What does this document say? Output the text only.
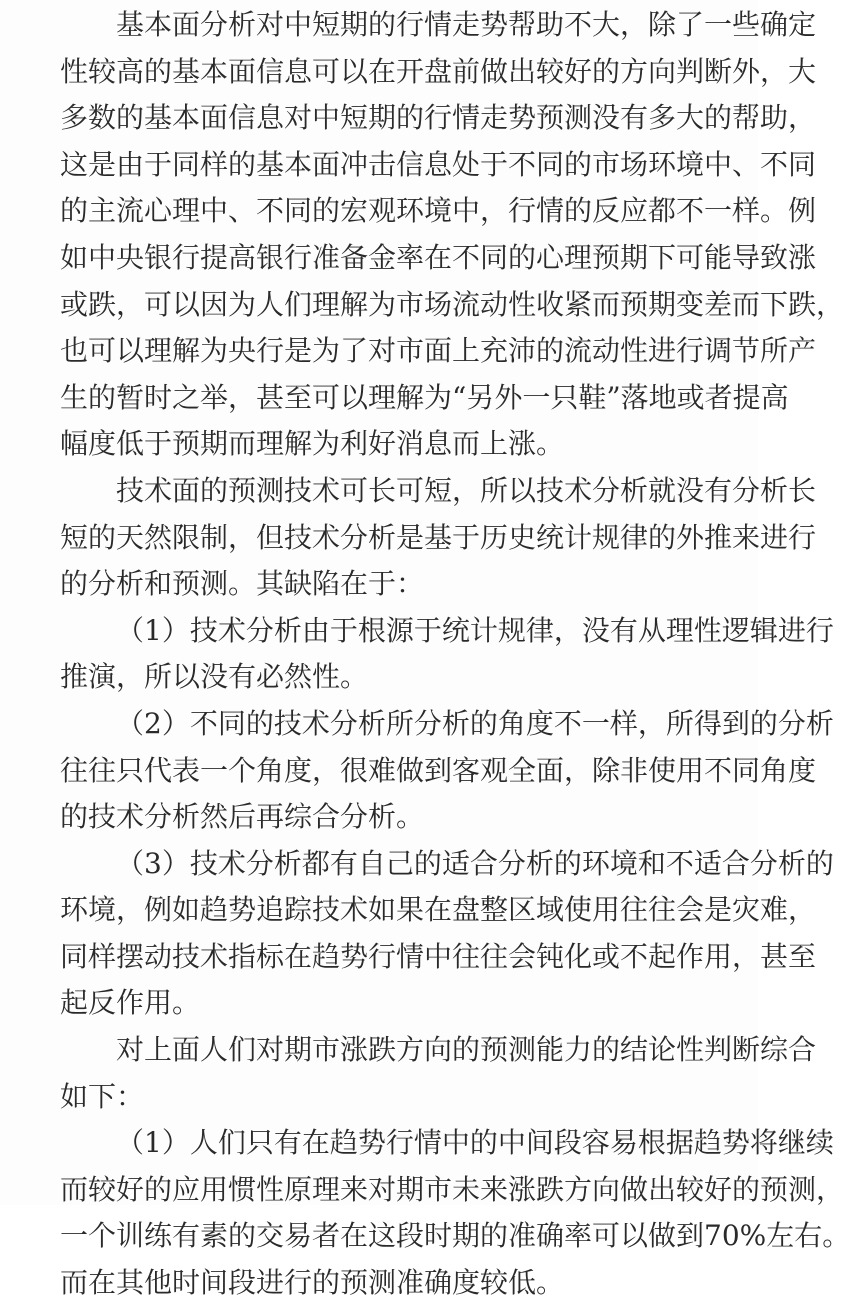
基本面分析对中短期的行情走势帮助不大，除了一些确定
性较高的基本面信息可以在开盘前做出较好的方向判断外，大
多数的基本面信息对中短期的行情走势预测没有多大的帮助，
这是由于同样的基本面冲击信息处于不同的市场环境中、不同
的主流心理中、不同的宏观环境中，行情的反应都不一样。例
如中央银行提高银行准备金率在不同的心理预期下可能导致涨
或跌，可以因为人们理解为市场流动性收紧而预期变差而下跌，
也可以理解为央行是为了对市面上充沛的流动性进行调节所产
生的暂时之举，甚至可以理解为“另外一只鞋”落地或者提高
幅度低于预期而理解为利好消息而上涨。
技术面的预测技术可长可短，所以技术分析就没有分析长
短的天然限制，但技术分析是基于历史统计规律的外推来进行
的分析和预测。其缺陷在于：
（1）技术分析由于根源于统计规律，没有从理性逻辑进行
推演，所以没有必然性。
（2）不同的技术分析所分析的角度不一样，所得到的分析
往往只代表一个角度，很难做到客观全面，除非使用不同角度
的技术分析然后再综合分析。
（3）技术分析都有自己的适合分析的环境和不适合分析的
环境，例如趋势追踪技术如果在盘整区域使用往往会是灾难，
同样摆动技术指标在趋势行情中往往会钝化或不起作用，甚至
起反作用。
对上面人们对期市涨跌方向的预测能力的结论性判断综合
如下：
（1）人们只有在趋势行情中的中间段容易根据趋势将继续
而较好的应用惯性原理来对期市未来涨跌方向做出较好的预测，
一个训练有素的交易者在这段时期的准确率可以做到70%左右。
而在其他时间段进行的预测准确度较低。
